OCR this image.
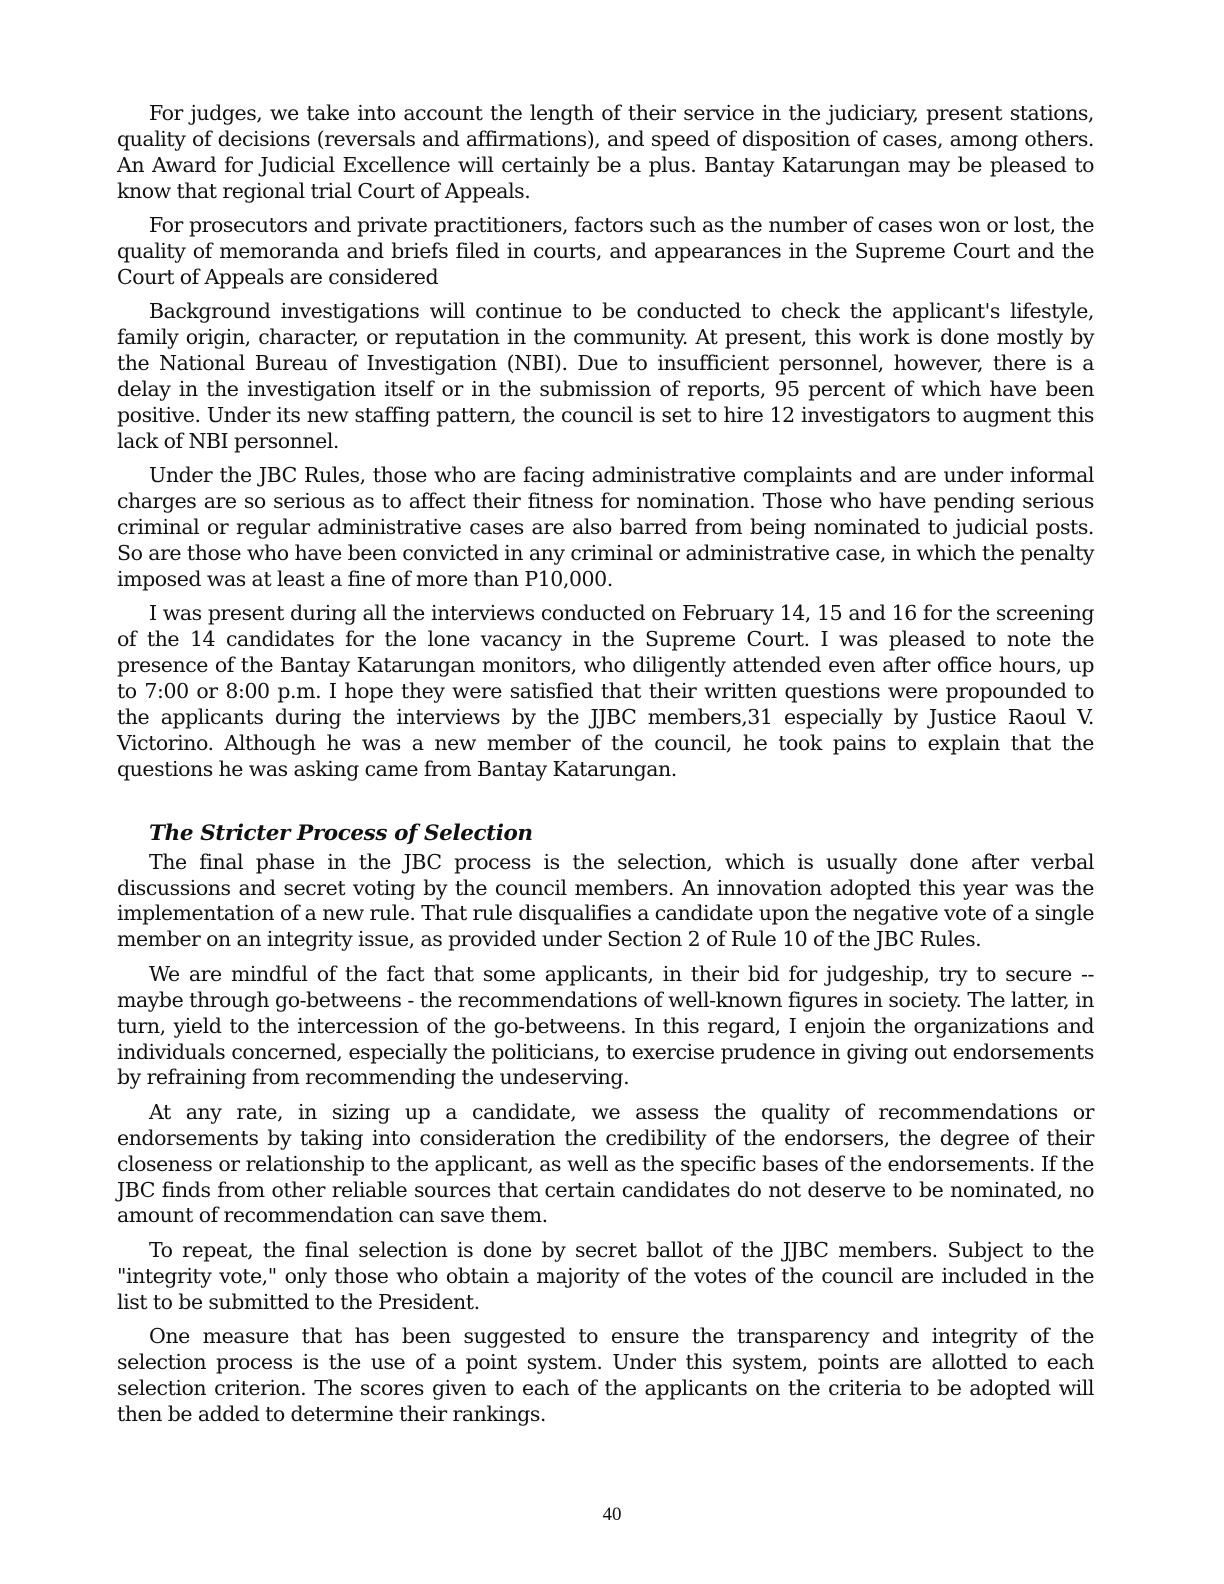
For judges, we take into account the length of their service in the judiciary, present stations, quality of decisions (reversals and affirmations), and speed of disposition of cases, among others. An Award for Judicial Excellence will certainly be a plus. Bantay Katarungan may be pleased to know that regional trial Court of Appeals.

For prosecutors and private practitioners, factors such as the number of cases won or lost, the quality of memoranda and briefs filed in courts, and appearances in the Supreme Court and the Court of Appeals are considered

Background investigations will continue to be conducted to check the applicant's lifestyle, family origin, character, or reputation in the community. At present, this work is done mostly by the National Bureau of Investigation (NBI). Due to insufficient personnel, however, there is a delay in the investigation itself or in the submission of reports, 95 percent of which have been positive. Under its new staffing pattern, the council is set to hire 12 investigators to augment this lack of NBI personnel.

Under the JBC Rules, those who are facing administrative complaints and are under informal charges are so serious as to affect their fitness for nomination. Those who have pending serious criminal or regular administrative cases are also barred from being nominated to judicial posts. So are those who have been convicted in any criminal or administrative case, in which the penalty imposed was at least a fine of more than P10,000.

I was present during all the interviews conducted on February 14, 15 and 16 for the screening of the 14 candidates for the lone vacancy in the Supreme Court. I was pleased to note the presence of the Bantay Katarungan monitors, who diligently attended even after office hours, up to 7:00 or 8:00 p.m. I hope they were satisfied that their written questions were propounded to the applicants during the interviews by the JJBC members,31 especially by Justice Raoul V. Victorino. Although he was a new member of the council, he took pains to explain that the questions he was asking came from Bantay Katarungan.

The Stricter Process of Selection

The final phase in the JBC process is the selection, which is usually done after verbal discussions and secret voting by the council members. An innovation adopted this year was the implementation of a new rule. That rule disqualifies a candidate upon the negative vote of a single member on an integrity issue, as provided under Section 2 of Rule 10 of the JBC Rules.

We are mindful of the fact that some applicants, in their bid for judgeship, try to secure -- maybe through go-betweens - the recommendations of well-known figures in society. The latter, in turn, yield to the intercession of the go-betweens. In this regard, I enjoin the organizations and individuals concerned, especially the politicians, to exercise prudence in giving out endorsements by refraining from recommending the undeserving.

At any rate, in sizing up a candidate, we assess the quality of recommendations or endorsements by taking into consideration the credibility of the endorsers, the degree of their closeness or relationship to the applicant, as well as the specific bases of the endorsements. If the JBC finds from other reliable sources that certain candidates do not deserve to be nominated, no amount of recommendation can save them.

To repeat, the final selection is done by secret ballot of the JJBC members. Subject to the "integrity vote," only those who obtain a majority of the votes of the council are included in the list to be submitted to the President.

One measure that has been suggested to ensure the transparency and integrity of the selection process is the use of a point system. Under this system, points are allotted to each selection criterion. The scores given to each of the applicants on the criteria to be adopted will then be added to determine their rankings.

40
